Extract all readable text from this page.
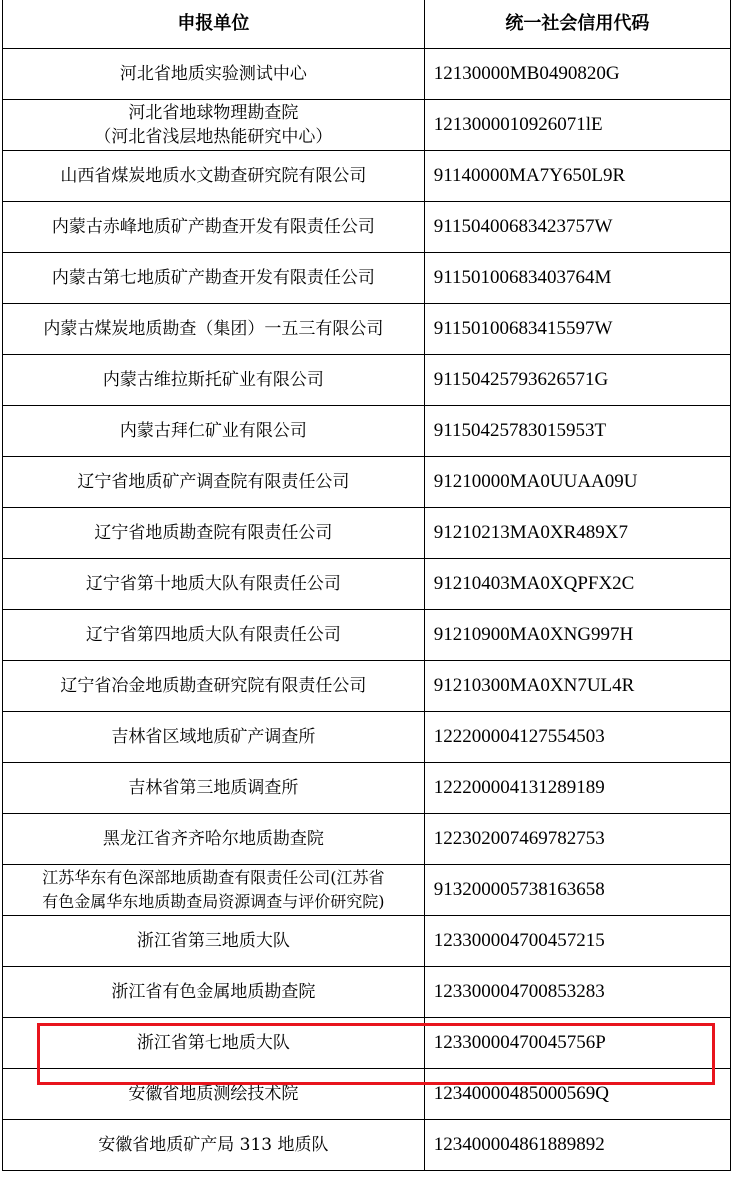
申报单位	统一社会信用代码
河北省地质实验测试中心	12130000MB0490820G

河北省地球物理勘查院
（河北省浅层地热能研究中心）	1213000010926071lE
山西省煤炭地质水文勘查研究院有限公司	91140000MA7Y650L9R
内蒙古赤峰地质矿产勘查开发有限责任公司	91150400683423757W
内蒙古第七地质矿产勘查开发有限责任公司	91150100683403764M
内蒙古煤炭地质勘查（集团）一五三有限公司	91150100683415597W
内蒙古维拉斯托矿业有限公司	91150425793626571G
内蒙古拜仁矿业有限公司	91150425783015953T
辽宁省地质矿产调查院有限责任公司	91210000MA0UUAA09U
辽宁省地质勘查院有限责任公司	91210213MA0XR489X7
辽宁省第十地质大队有限责任公司	91210403MA0XQPFX2C
辽宁省第四地质大队有限责任公司	91210900MA0XNG997H
辽宁省冶金地质勘查研究院有限责任公司	91210300MA0XN7UL4R
吉林省区域地质矿产调查所	122200004127554503
吉林省第三地质调查所	122200004131289189
黑龙江省齐齐哈尔地质勘查院	122302007469782753

江苏华东有色深部地质勘查有限责任公司(江苏省
有色金属华东地质勘查局资源调查与评价研究院)	913200005738163658
浙江省第三地质大队	123300004700457215
浙江省有色金属地质勘查院	123300004700853283
浙江省第七地质大队	12330000470045756P
安徽省地质测绘技术院	12340000485000569Q
安徽省地质矿产局 313 地质队	123400004861889892
